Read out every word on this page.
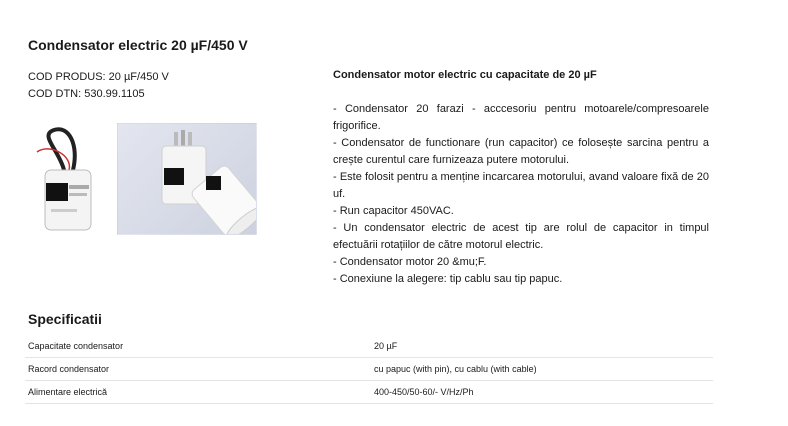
Condensator electric 20 µF/450 V
COD PRODUS: 20 µF/450 V
COD DTN: 530.99.1105
Condensator motor electric cu capacitate de 20 µF

- Condensator 20 farazi - acccesoriu pentru motoarele/compresoarele frigorifice.

- Condensator de functionare (run capacitor) ce folosește sarcina pentru a crește curentul care furnizeaza putere motorului.

- Este folosit pentru a menține incarcarea motorului, avand valoare fixă de 20 uf.

- Run capacitor 450VAC.

- Un condensator electric de acest tip are rolul de capacitor in timpul efectuării rotațiilor de către motorul electric.

- Condensator motor 20 &mu;F.

- Conexiune la alegere: tip cablu sau tip papuc.

Specificatii
Capacitate condensator	20 µF
Racord condensator	cu papuc (with pin), cu cablu (with cable)
Alimentare electrică	400-450/50-60/- V/Hz/Ph
